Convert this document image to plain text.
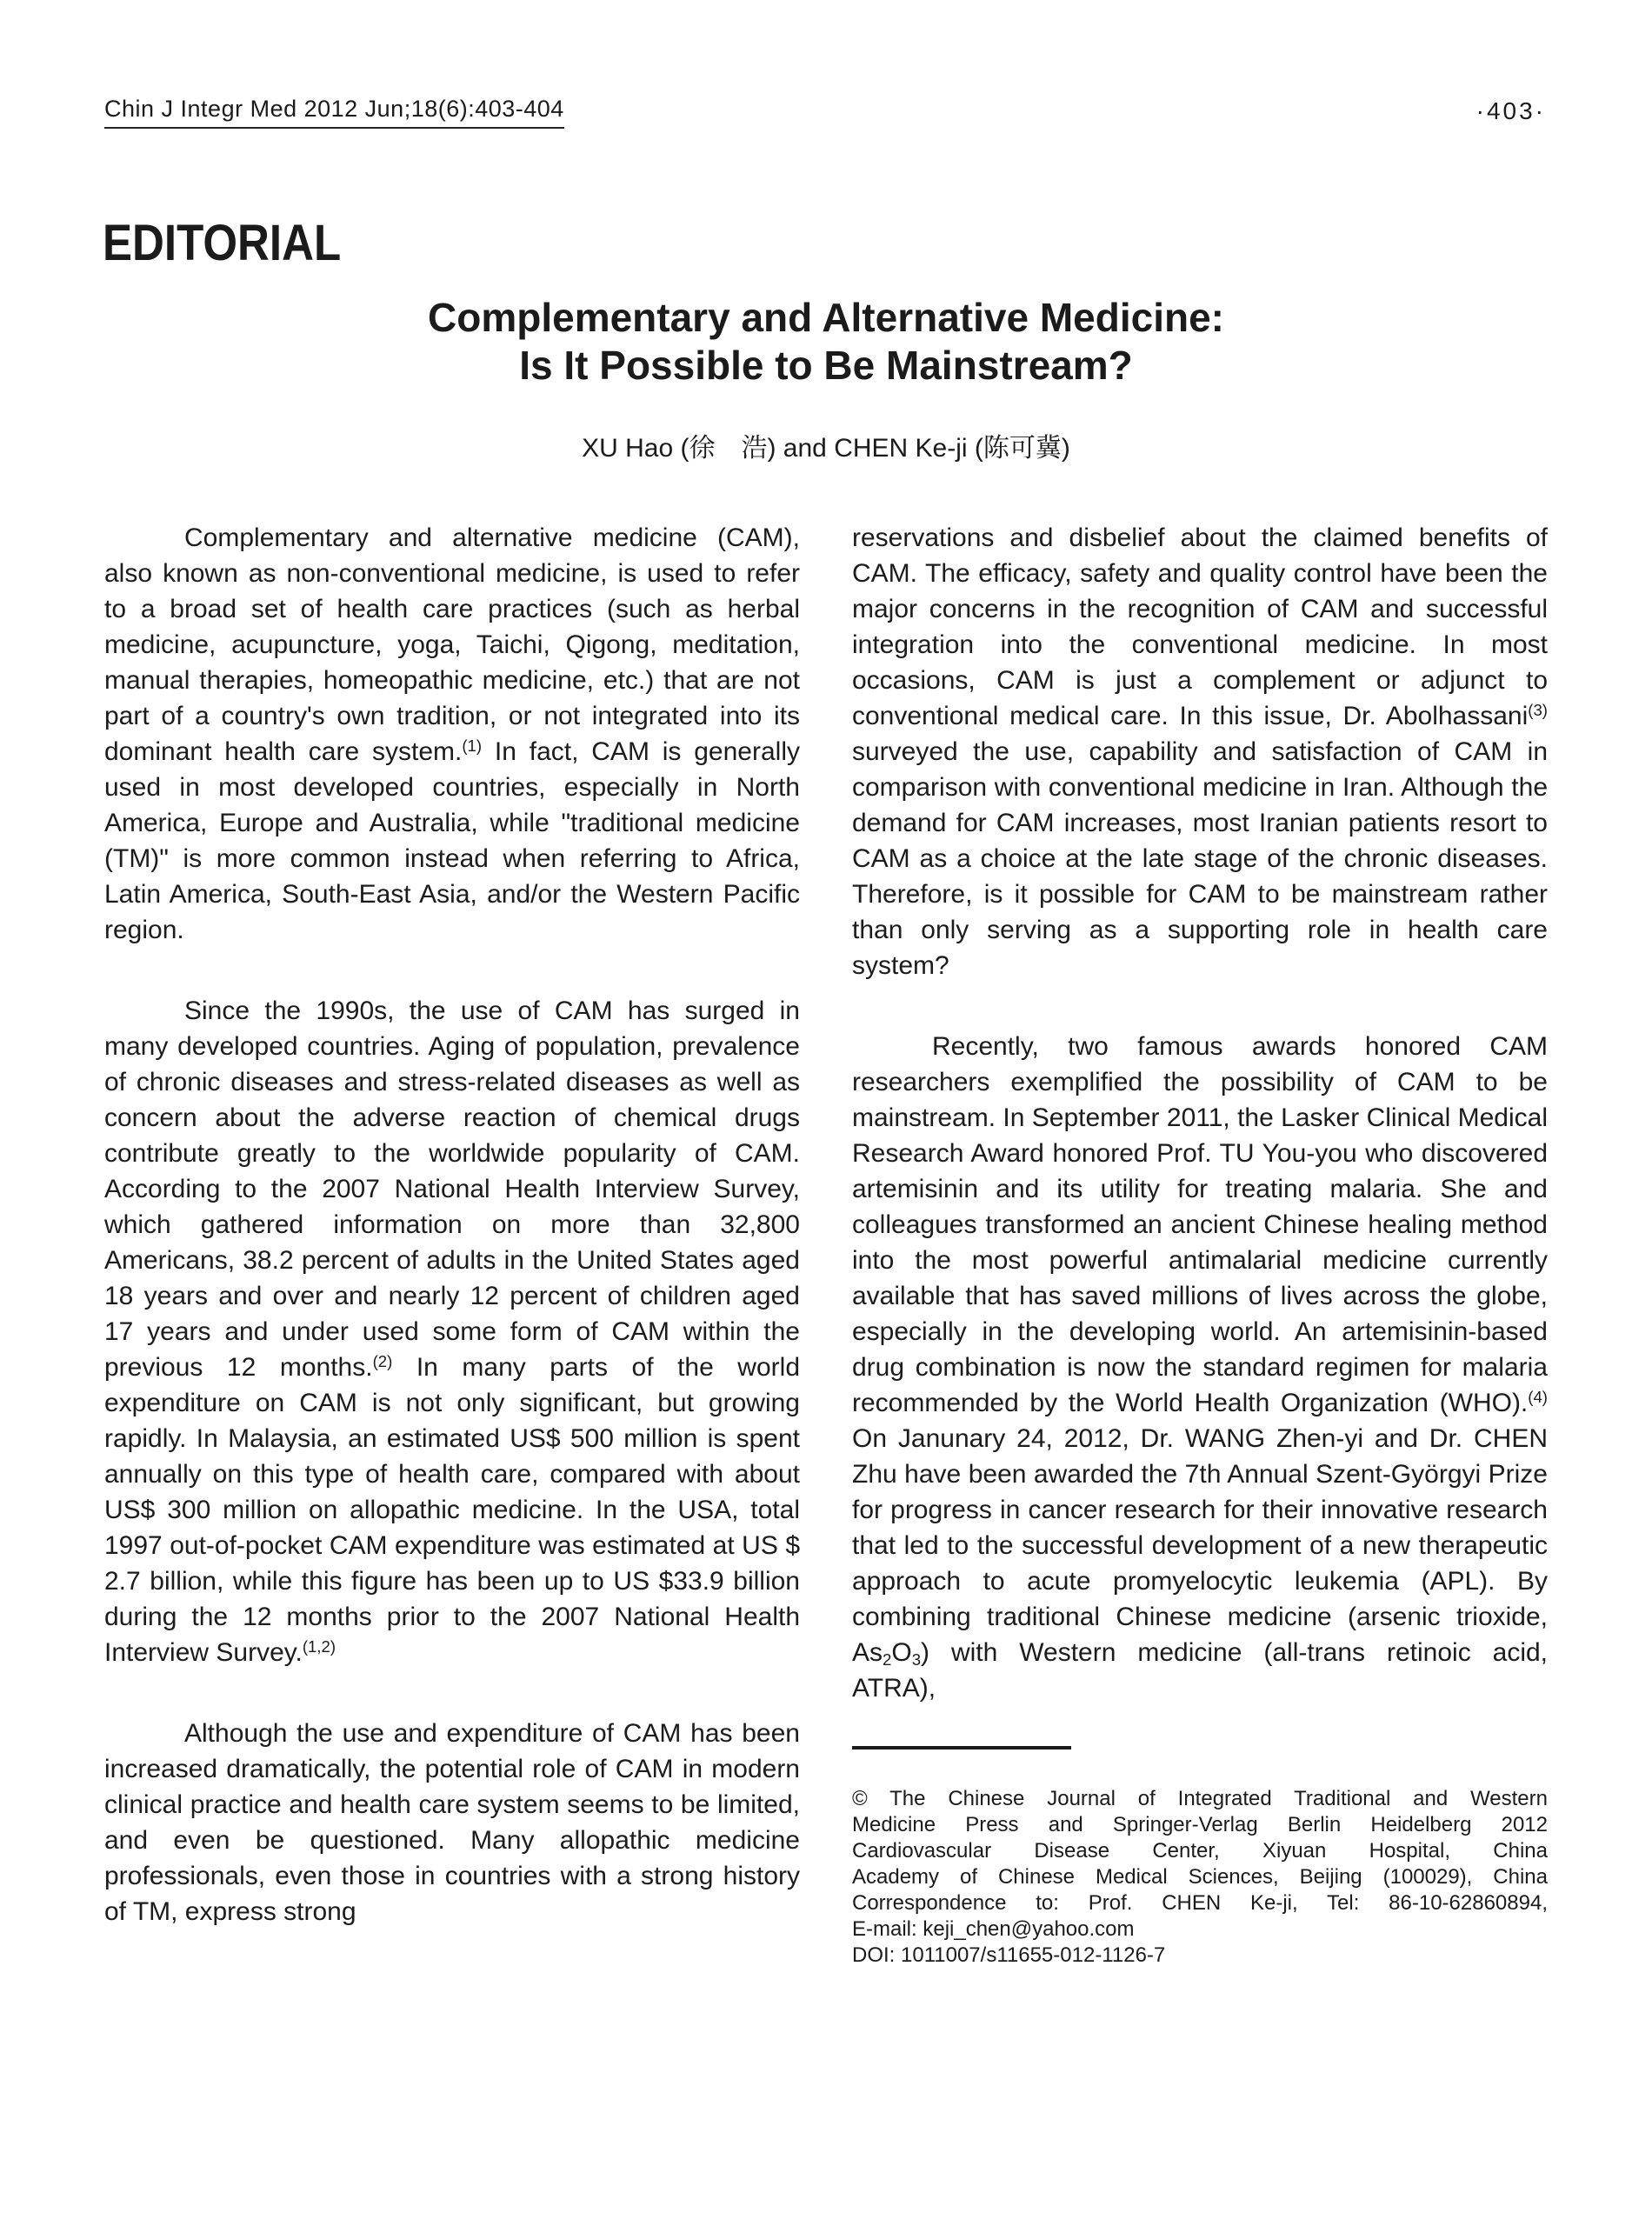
Chin J Integr Med 2012 Jun;18(6):403-404	·403·
EDITORIAL
Complementary and Alternative Medicine:
Is It Possible to Be Mainstream?
XU Hao (徐　浩) and CHEN Ke-ji (陈可冀)

Complementary and alternative medicine (CAM), also known as non-conventional medicine, is used to refer to a broad set of health care practices (such as herbal medicine, acupuncture, yoga, Taichi, Qigong, meditation, manual therapies, homeopathic medicine, etc.) that are not part of a country's own tradition, or not integrated into its dominant health care system.$^{(1)}$ In fact, CAM is generally used in most developed countries, especially in North America, Europe and Australia, while "traditional medicine (TM)" is more common instead when referring to Africa, Latin America, South-East Asia, and/or the Western Pacific region.

Since the 1990s, the use of CAM has surged in many developed countries. Aging of population, prevalence of chronic diseases and stress-related diseases as well as concern about the adverse reaction of chemical drugs contribute greatly to the worldwide popularity of CAM. According to the 2007 National Health Interview Survey, which gathered information on more than 32,800 Americans, 38.2 percent of adults in the United States aged 18 years and over and nearly 12 percent of children aged 17 years and under used some form of CAM within the previous 12 months.$^{(2)}$ In many parts of the world expenditure on CAM is not only significant, but growing rapidly. In Malaysia, an estimated US$ 500 million is spent annually on this type of health care, compared with about US$ 300 million on allopathic medicine. In the USA, total 1997 out-of-pocket CAM expenditure was estimated at US $ 2.7 billion, while this figure has been up to US $33.9 billion during the 12 months prior to the 2007 National Health Interview Survey.$^{(1,2)}$

Although the use and expenditure of CAM has been increased dramatically, the potential role of CAM in modern clinical practice and health care system seems to be limited, and even be questioned. Many allopathic medicine professionals, even those in countries with a strong history of TM, express strong

reservations and disbelief about the claimed benefits of CAM. The efficacy, safety and quality control have been the major concerns in the recognition of CAM and successful integration into the conventional medicine. In most occasions, CAM is just a complement or adjunct to conventional medical care. In this issue, Dr. Abolhassani$^{(3)}$ surveyed the use, capability and satisfaction of CAM in comparison with conventional medicine in Iran. Although the demand for CAM increases, most Iranian patients resort to CAM as a choice at the late stage of the chronic diseases. Therefore, is it possible for CAM to be mainstream rather than only serving as a supporting role in health care system?

Recently, two famous awards honored CAM researchers exemplified the possibility of CAM to be mainstream. In September 2011, the Lasker Clinical Medical Research Award honored Prof. TU You-you who discovered artemisinin and its utility for treating malaria. She and colleagues transformed an ancient Chinese healing method into the most powerful antimalarial medicine currently available that has saved millions of lives across the globe, especially in the developing world. An artemisinin-based drug combination is now the standard regimen for malaria recommended by the World Health Organization (WHO).$^{(4)}$ On Janunary 24, 2012, Dr. WANG Zhen-yi and Dr. CHEN Zhu have been awarded the 7th Annual Szent-Györgyi Prize for progress in cancer research for their innovative research that led to the successful development of a new therapeutic approach to acute promyelocytic leukemia (APL). By combining traditional Chinese medicine (arsenic trioxide, $As_2O_3$) with Western medicine (all-trans retinoic acid, ATRA),

© The Chinese Journal of Integrated Traditional and Western
Medicine Press and Springer-Verlag Berlin Heidelberg 2012
Cardiovascular Disease Center, Xiyuan Hospital, China
Academy of Chinese Medical Sciences, Beijing (100029), China
Correspondence to: Prof. CHEN Ke-ji, Tel: 86-10-62860894,
E-mail: keji_chen@yahoo.com
DOI: 1011007/s11655-012-1126-7
